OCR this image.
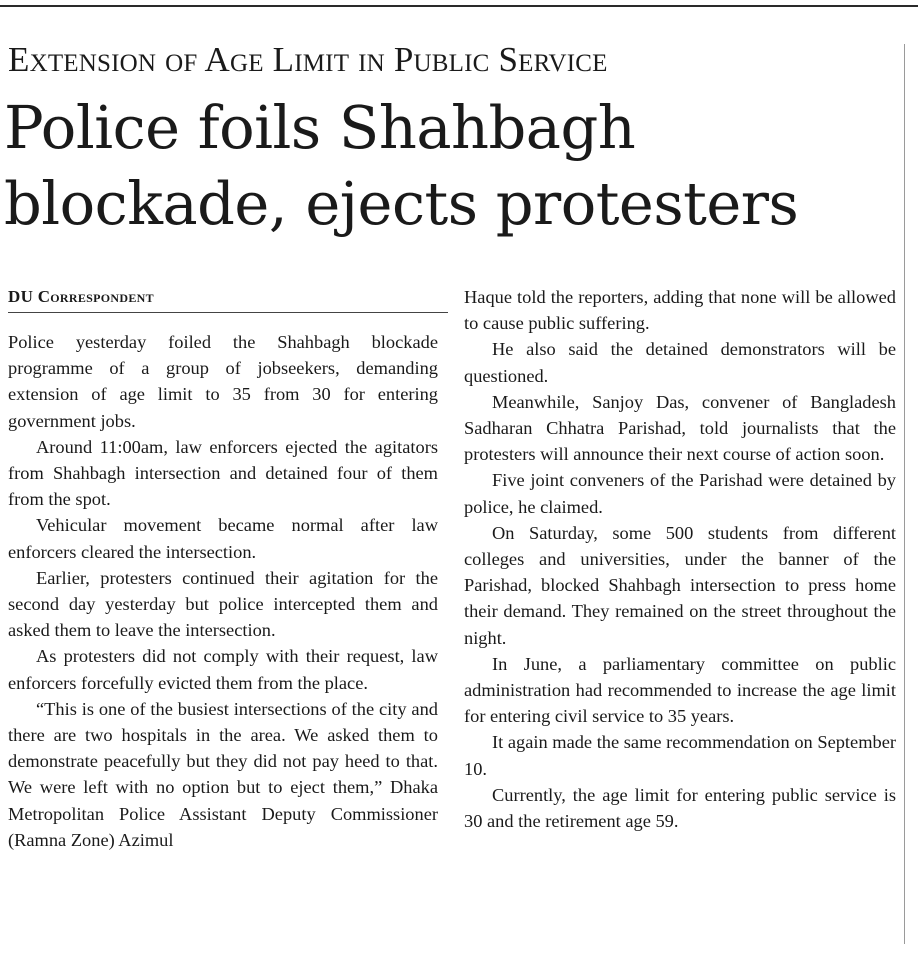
Extension of Age Limit in Public Service
Police foils Shahbagh blockade, ejects protesters
DU Correspondent

Police yesterday foiled the Shahbagh blockade programme of a group of jobseekers, demanding extension of age limit to 35 from 30 for entering government jobs.

Around 11:00am, law enforcers ejected the agitators from Shahbagh intersection and detained four of them from the spot.

Vehicular movement became normal after law enforcers cleared the intersection.

Earlier, protesters continued their agitation for the second day yesterday but police intercepted them and asked them to leave the intersection.

As protesters did not comply with their request, law enforcers forcefully evicted them from the place.

“This is one of the busiest intersections of the city and there are two hospitals in the area. We asked them to demonstrate peacefully but they did not pay heed to that. We were left with no option but to eject them,” Dhaka Metropolitan Police Assistant Deputy Commissioner (Ramna Zone) Azimul

Haque told the reporters, adding that none will be allowed to cause public suffering.

He also said the detained demonstrators will be questioned.

Meanwhile, Sanjoy Das, convener of Bangladesh Sadharan Chhatra Parishad, told journalists that the protesters will announce their next course of action soon.

Five joint conveners of the Parishad were detained by police, he claimed.

On Saturday, some 500 students from different colleges and universities, under the banner of the Parishad, blocked Shahbagh intersection to press home their demand. They remained on the street throughout the night.

In June, a parliamentary committee on public administration had recommended to increase the age limit for entering civil service to 35 years.

It again made the same recommendation on September 10.

Currently, the age limit for entering public service is 30 and the retirement age 59.
